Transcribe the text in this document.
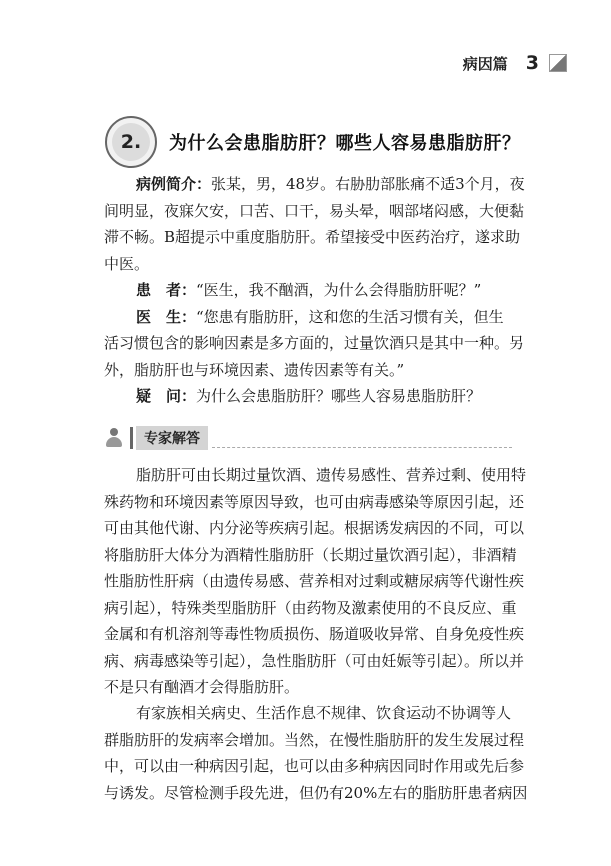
病因篇 3
2.	为什么会患脂肪肝？哪些人容易患脂肪肝？
病例简介：张某，男，48岁。右胁肋部胀痛不适3个月，夜
间明显，夜寐欠安，口苦、口干，易头晕，咽部堵闷感，大便黏
滞不畅。B超提示中重度脂肪肝。希望接受中医药治疗，遂求助
中医。
患　者：“医生，我不酗酒，为什么会得脂肪肝呢？”
医　生：“您患有脂肪肝，这和您的生活习惯有关，但生
活习惯包含的影响因素是多方面的，过量饮酒只是其中一种。另
外，脂肪肝也与环境因素、遗传因素等有关。”
疑　问：为什么会患脂肪肝？哪些人容易患脂肪肝？
专家解答
脂肪肝可由长期过量饮酒、遗传易感性、营养过剩、使用特
殊药物和环境因素等原因导致，也可由病毒感染等原因引起，还
可由其他代谢、内分泌等疾病引起。根据诱发病因的不同，可以
将脂肪肝大体分为酒精性脂肪肝（长期过量饮酒引起），非酒精
性脂肪性肝病（由遗传易感、营养相对过剩或糖尿病等代谢性疾
病引起），特殊类型脂肪肝（由药物及激素使用的不良反应、重
金属和有机溶剂等毒性物质损伤、肠道吸收异常、自身免疫性疾
病、病毒感染等引起），急性脂肪肝（可由妊娠等引起）。所以并
不是只有酗酒才会得脂肪肝。
有家族相关病史、生活作息不规律、饮食运动不协调等人
群脂肪肝的发病率会增加。当然，在慢性脂肪肝的发生发展过程
中，可以由一种病因引起，也可以由多种病因同时作用或先后参
与诱发。尽管检测手段先进，但仍有20%左右的脂肪肝患者病因
